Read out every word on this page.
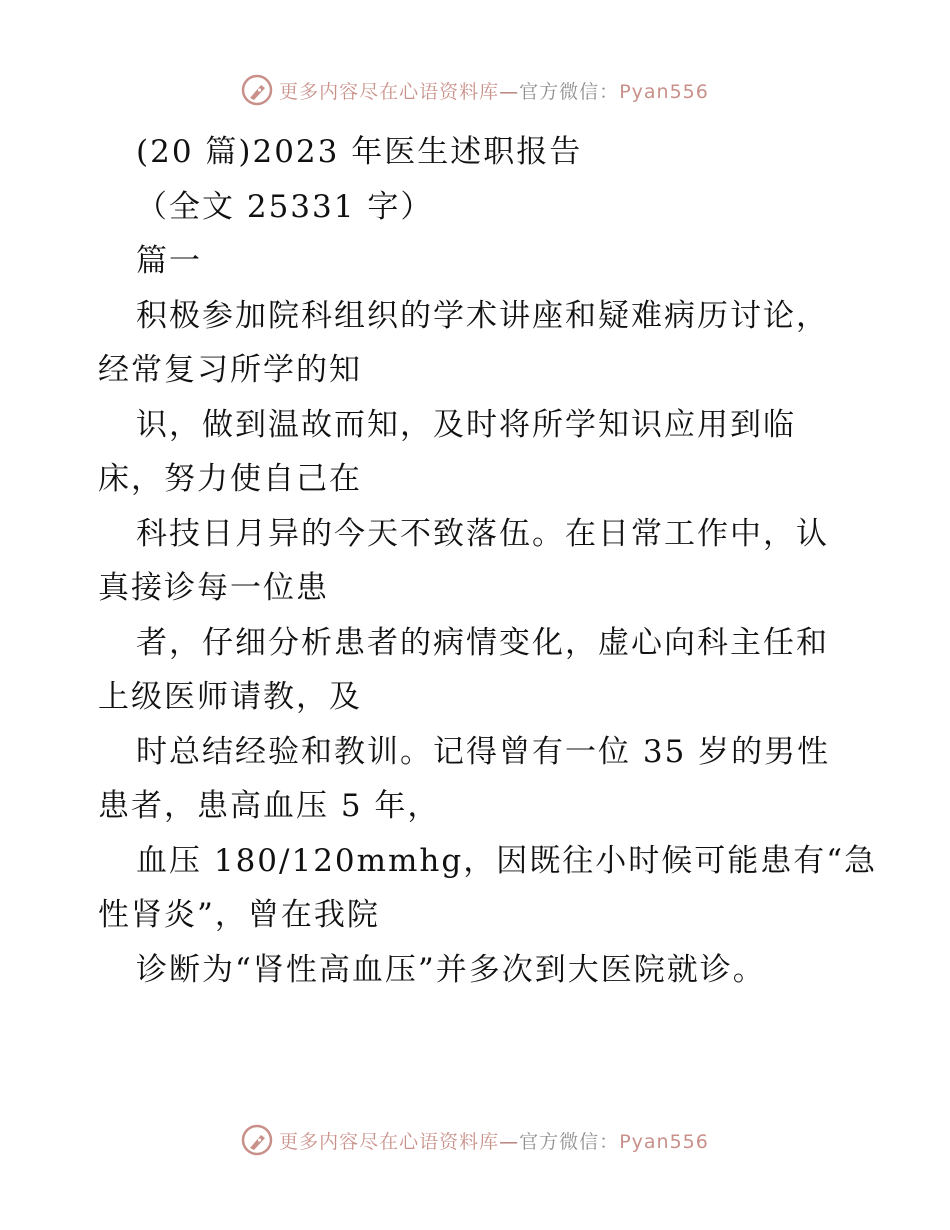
更多内容尽在心语资料库—官方微信：Pyan556
(20 篇)2023 年医生述职报告
（全文 25331 字）
篇一
积极参加院科组织的学术讲座和疑难病历讨论，
经常复习所学的知
识，做到温故而知，及时将所学知识应用到临
床，努力使自己在
科技日月异的今天不致落伍。在日常工作中，认
真接诊每一位患
者，仔细分析患者的病情变化，虚心向科主任和
上级医师请教，及
时总结经验和教训。记得曾有一位 35 岁的男性
患者，患高血压 5 年，
血压 180/120mmhg，因既往小时候可能患有“急
性肾炎”，曾在我院
诊断为“肾性高血压”并多次到大医院就诊。
更多内容尽在心语资料库—官方微信：Pyan556
